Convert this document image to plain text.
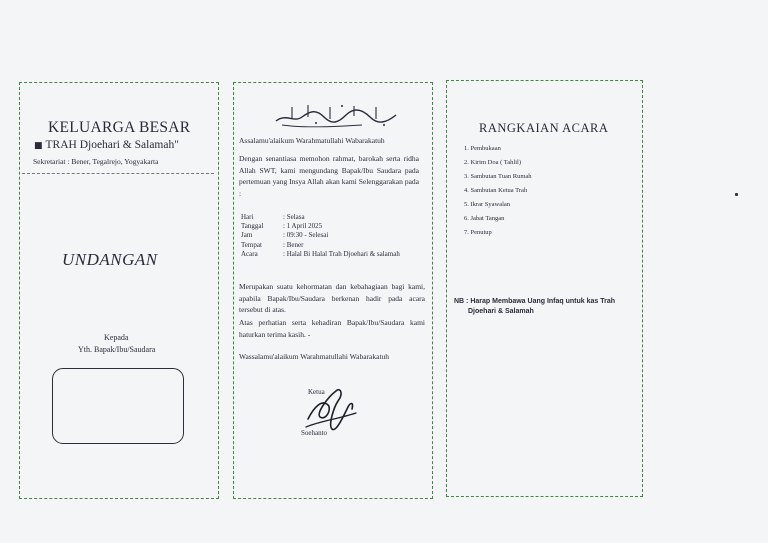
KELUARGA BESAR
■ TRAH Djoehari & Salamah"
Sekretariat : Bener, Tegalrejo, Yogyakarta
UNDANGAN
Kepada
Yth. Bapak/Ibu/Saudara
Assalamu'alaikum Warahmatullahi Wabarakatuh
Dengan senantiasa memohon rahmat, barokah serta ridha Allah SWT, kami mengundang Bapak/Ibu Saudara pada pertemuan yang Insya Allah akan kami Selenggarakan pada :
Hari	: Selasa
Tanggal	: 1 April 2025
Jam	: 09:30 - Selesai
Tempat	: Bener
Acara	: Halal Bi Halal Trah Djoehari & salamah
Merupakan suatu kehormatan dan kebahagiaan bagi kami, apabila Bapak/Ibu/Saudara berkenan hadir pada acara tersebut di atas.
Atas perhatian serta kehadiran Bapak/Ibu/Saudara kami haturkan terima kasih. -
Wassalamu'alaikum Warahmatullahi Wabarakatuh
Ketua
Soehanto
RANGKAIAN ACARA
1. Pembukaan
2. Kirim Doa ( Tahlil)
3. Sambutan Tuan Rumah
4. Sambutan Ketua Trah
5. Ikrar Syawalan
6. Jabat Tangan
7. Penutup
NB : Harap Membawa Uang Infaq untuk kas Trah
Djoehari & Salamah
